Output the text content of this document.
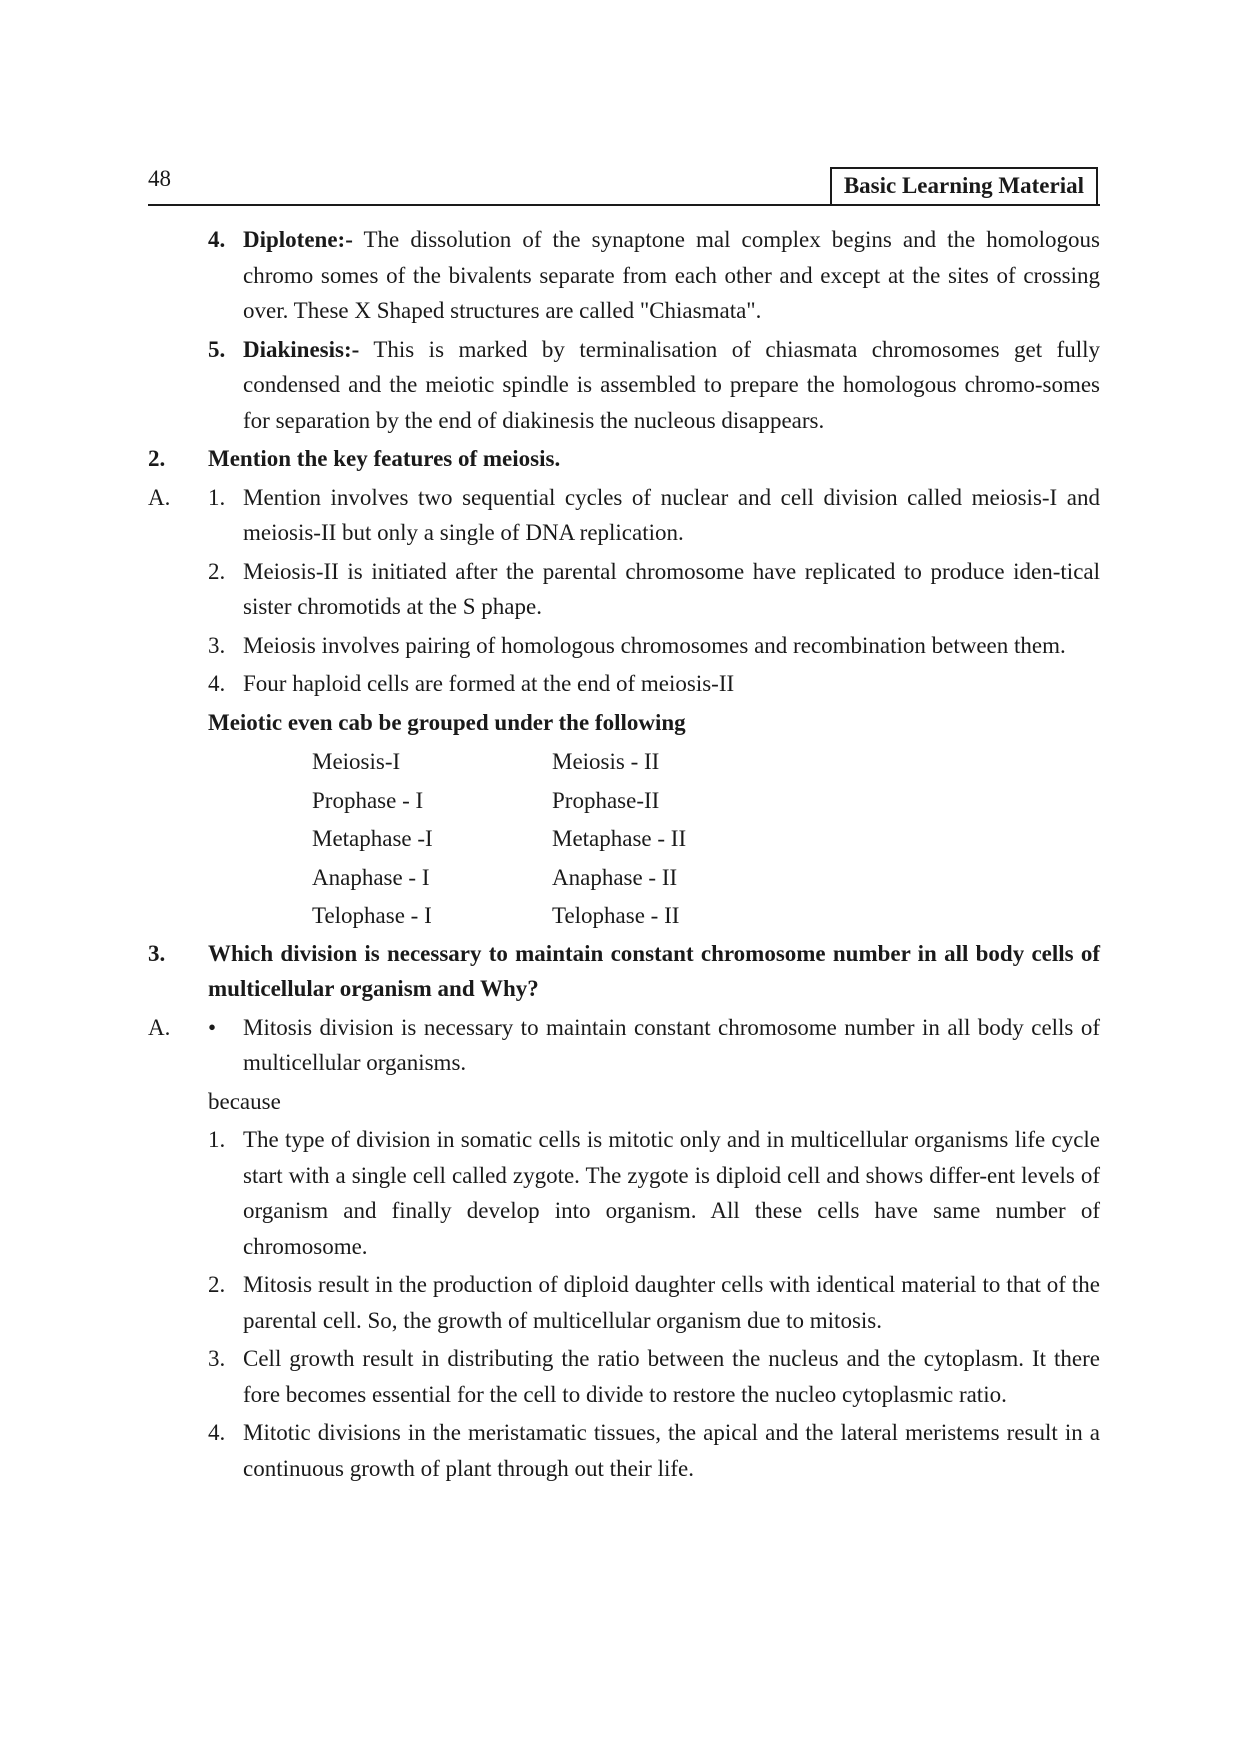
48	Basic Learning Material
4. Diplotene:- The dissolution of the synaptone mal complex begins and the homologous chromo somes of the bivalents separate from each other and except at the sites of crossing over. These X Shaped structures are called "Chiasmata".
5. Diakinesis:- This is marked by terminalisation of chiasmata chromosomes get fully condensed and the meiotic spindle is assembled to prepare the homologous chromo-somes for separation by the end of diakinesis the nucleous disappears.
2. Mention the key features of meiosis.
A. 1. Mention involves two sequential cycles of nuclear and cell division called meiosis-I and meiosis-II but only a single of DNA replication.
2. Meiosis-II is initiated after the parental chromosome have replicated to produce iden-tical sister chromotids at the S phape.
3. Meiosis involves pairing of homologous chromosomes and recombination between them.
4. Four haploid cells are formed at the end of meiosis-II
Meiotic even cab be grouped under the following
Meiosis-I	Meiosis - II
Prophase - I	Prophase-II
Metaphase -I	Metaphase - II
Anaphase - I	Anaphase - II
Telophase - I	Telophase - II
3. Which division is necessary to maintain constant chromosome number in all body cells of multicellular organism and Why?
A. • Mitosis division is necessary to maintain constant chromosome number in all body cells of multicellular organisms.
because
1. The type of division in somatic cells is mitotic only and in multicellular organisms life cycle start with a single cell called zygote. The zygote is diploid cell and shows differ-ent levels of organism and finally develop into organism. All these cells have same number of chromosome.
2. Mitosis result in the production of diploid daughter cells with identical material to that of the parental cell. So, the growth of multicellular organism due to mitosis.
3. Cell growth result in distributing the ratio between the nucleus and the cytoplasm. It there fore becomes essential for the cell to divide to restore the nucleo cytoplasmic ratio.
4. Mitotic divisions in the meristamatic tissues, the apical and the lateral meristems result in a continuous growth of plant through out their life.
